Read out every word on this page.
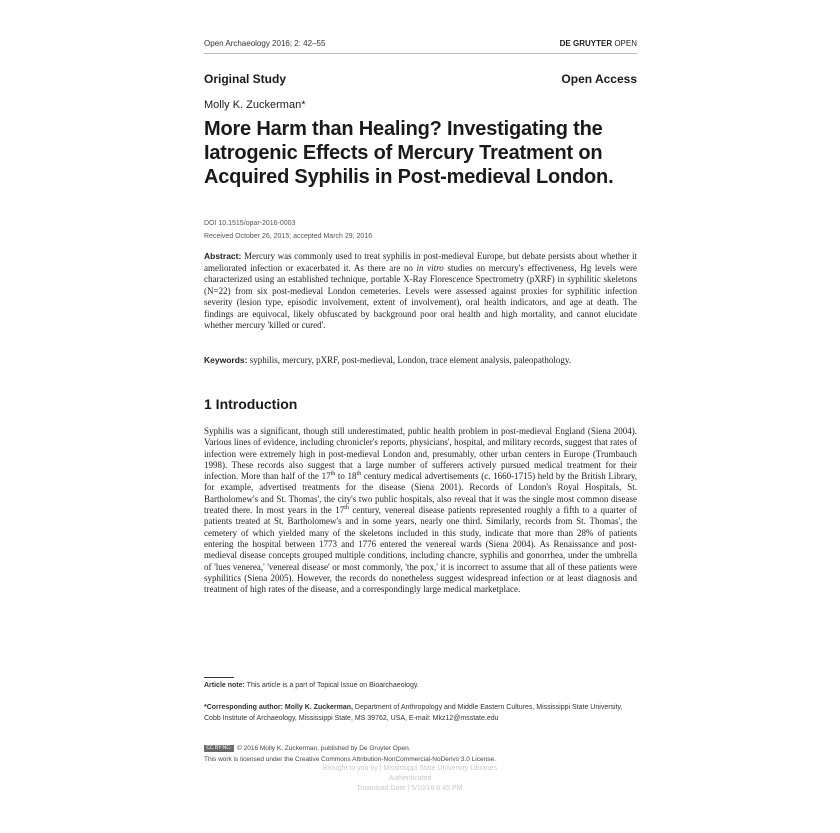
Open Archaeology 2016; 2: 42–55	DE GRUYTER OPEN
Original Study	Open Access
Molly K. Zuckerman*
More Harm than Healing? Investigating the Iatrogenic Effects of Mercury Treatment on Acquired Syphilis in Post-medieval London.
DOI 10.1515/opar-2016-0003
Received October 26, 2015; accepted March 29, 2016
Abstract: Mercury was commonly used to treat syphilis in post-medieval Europe, but debate persists about whether it ameliorated infection or exacerbated it. As there are no in vitro studies on mercury's effectiveness, Hg levels were characterized using an established technique, portable X-Ray Florescence Spectrometry (pXRF) in syphilitic skeletons (N=22) from six post-medieval London cemeteries. Levels were assessed against proxies for syphilitic infection severity (lesion type, episodic involvement, extent of involvement), oral health indicators, and age at death. The findings are equivocal, likely obfuscated by background poor oral health and high mortality, and cannot elucidate whether mercury 'killed or cured'.
Keywords: syphilis, mercury, pXRF, post-medieval, London, trace element analysis, paleopathology.
1 Introduction
Syphilis was a significant, though still underestimated, public health problem in post-medieval England (Siena 2004). Various lines of evidence, including chronicler's reports, physicians', hospital, and military records, suggest that rates of infection were extremely high in post-medieval London and, presumably, other urban centers in Europe (Trumbauch 1998). These records also suggest that a large number of sufferers actively pursued medical treatment for their infection. More than half of the 17th to 18th century medical advertisements (c. 1660-1715) held by the British Library, for example, advertised treatments for the disease (Siena 2001). Records of London's Royal Hospitals, St. Bartholomew's and St. Thomas', the city's two public hospitals, also reveal that it was the single most common disease treated there. In most years in the 17th century, venereal disease patients represented roughly a fifth to a quarter of patients treated at St. Bartholomew's and in some years, nearly one third. Similarly, records from St. Thomas', the cemetery of which yielded many of the skeletons included in this study, indicate that more than 28% of patients entering the hospital between 1773 and 1776 entered the venereal wards (Siena 2004). As Renaissance and post-medieval disease concepts grouped multiple conditions, including chancre, syphilis and gonorrhea, under the umbrella of 'lues venerea,' 'venereal disease' or most commonly, 'the pox,' it is incorrect to assume that all of these patients were syphilitics (Siena 2005). However, the records do nonetheless suggest widespread infection or at least diagnosis and treatment of high rates of the disease, and a correspondingly large medical marketplace.
Article note: This article is a part of Topical Issue on Bioarchaeology.
*Corresponding author: Molly K. Zuckerman, Department of Anthropology and Middle Eastern Cultures, Mississippi State University, Cobb Institute of Archaeology, Mississippi State, MS 39762, USA, E-mail: Mkz12@msstate.edu
CC BY-NC-ND© 2016 Molly K. Zuckerman, published by De Gruyter Open.
This work is licensed under the Creative Commons Attribution-NonCommercial-NoDerivs 3.0 License.
Brought to you by | Mississippi State University Libraries
Authenticated
Download Date | 5/10/16 6:45 PM
